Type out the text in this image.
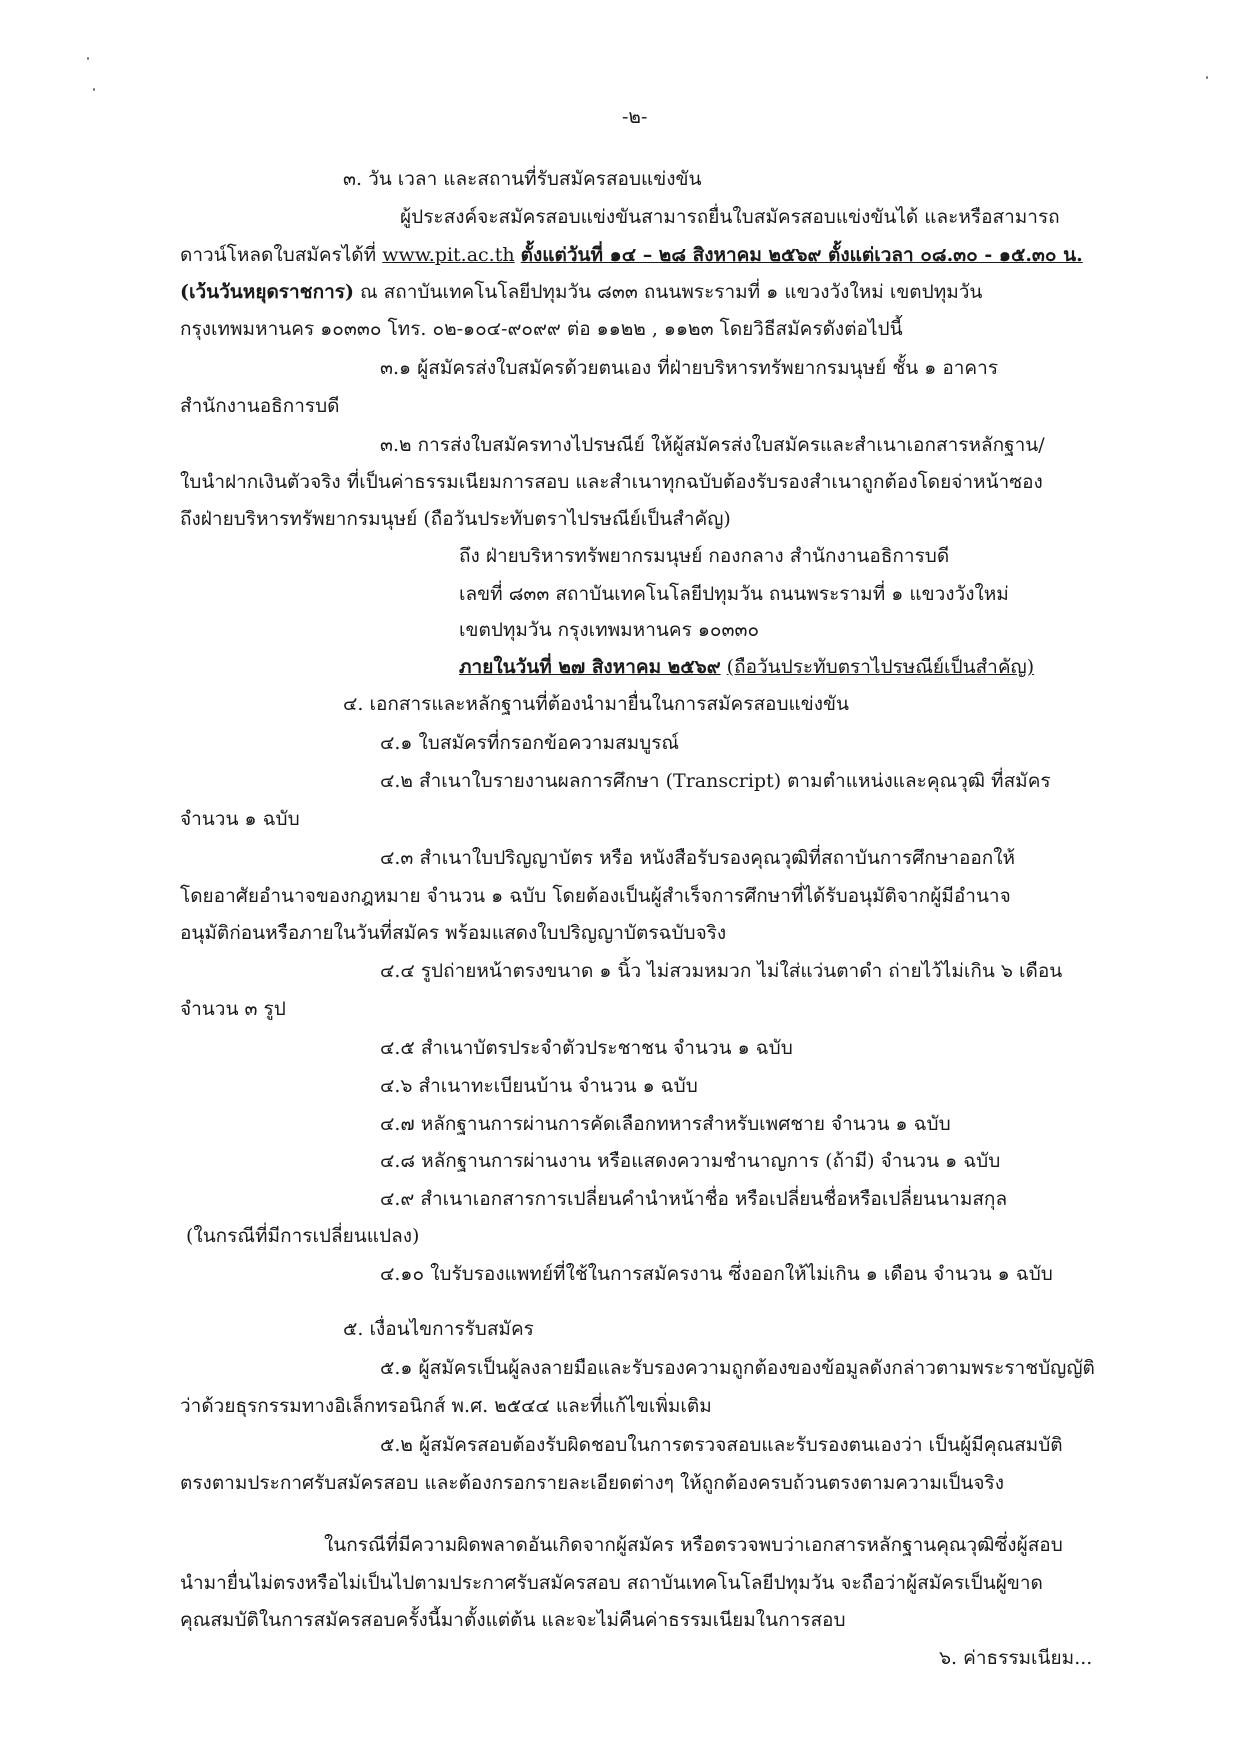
-๒-
๓. วัน เวลา และสถานที่รับสมัครสอบแข่งขัน
ผู้ประสงค์จะสมัครสอบแข่งขันสามารถยื่นใบสมัครสอบแข่งขันได้ และหรือสามารถ
ดาวน์โหลดใบสมัครได้ที่ www.pit.ac.th ตั้งแต่วันที่ ๑๔ – ๒๘ สิงหาคม ๒๕๖๙ ตั้งแต่เวลา ๐๘.๓๐ - ๑๕.๓๐ น.
(เว้นวันหยุดราชการ) ณ สถาบันเทคโนโลยีปทุมวัน ๘๓๓ ถนนพระรามที่ ๑ แขวงวังใหม่ เขตปทุมวัน
กรุงเทพมหานคร ๑๐๓๓๐ โทร. ๐๒-๑๐๔-๙๐๙๙ ต่อ ๑๑๒๒ , ๑๑๒๓ โดยวิธีสมัครดังต่อไปนี้
๓.๑ ผู้สมัครส่งใบสมัครด้วยตนเอง ที่ฝ่ายบริหารทรัพยากรมนุษย์ ชั้น ๑ อาคาร
สำนักงานอธิการบดี
๓.๒ การส่งใบสมัครทางไปรษณีย์ ให้ผู้สมัครส่งใบสมัครและสำเนาเอกสารหลักฐาน/
ใบนำฝากเงินตัวจริง ที่เป็นค่าธรรมเนียมการสอบ และสำเนาทุกฉบับต้องรับรองสำเนาถูกต้องโดยจ่าหน้าซอง
ถึงฝ่ายบริหารทรัพยากรมนุษย์ (ถือวันประทับตราไปรษณีย์เป็นสำคัญ)
ถึง ฝ่ายบริหารทรัพยากรมนุษย์ กองกลาง สำนักงานอธิการบดี
เลขที่ ๘๓๓ สถาบันเทคโนโลยีปทุมวัน ถนนพระรามที่ ๑ แขวงวังใหม่
เขตปทุมวัน กรุงเทพมหานคร ๑๐๓๓๐
ภายในวันที่ ๒๗ สิงหาคม ๒๕๖๙ (ถือวันประทับตราไปรษณีย์เป็นสำคัญ)
๔. เอกสารและหลักฐานที่ต้องนำมายื่นในการสมัครสอบแข่งขัน
๔.๑ ใบสมัครที่กรอกข้อความสมบูรณ์
๔.๒ สำเนาใบรายงานผลการศึกษา (Transcript) ตามตำแหน่งและคุณวุฒิ ที่สมัคร
จำนวน ๑ ฉบับ
๔.๓ สำเนาใบปริญญาบัตร หรือ หนังสือรับรองคุณวุฒิที่สถาบันการศึกษาออกให้
โดยอาศัยอำนาจของกฎหมาย จำนวน ๑ ฉบับ โดยต้องเป็นผู้สำเร็จการศึกษาที่ได้รับอนุมัติจากผู้มีอำนาจ
อนุมัติก่อนหรือภายในวันที่สมัคร พร้อมแสดงใบปริญญาบัตรฉบับจริง
๔.๔ รูปถ่ายหน้าตรงขนาด ๑ นิ้ว ไม่สวมหมวก ไม่ใส่แว่นตาดำ ถ่ายไว้ไม่เกิน ๖ เดือน
จำนวน ๓ รูป
๔.๕ สำเนาบัตรประจำตัวประชาชน จำนวน ๑ ฉบับ
๔.๖ สำเนาทะเบียนบ้าน จำนวน ๑ ฉบับ
๔.๗ หลักฐานการผ่านการคัดเลือกทหารสำหรับเพศชาย จำนวน ๑ ฉบับ
๔.๘ หลักฐานการผ่านงาน หรือแสดงความชำนาญการ (ถ้ามี) จำนวน ๑ ฉบับ
๔.๙ สำเนาเอกสารการเปลี่ยนคำนำหน้าชื่อ หรือเปลี่ยนชื่อหรือเปลี่ยนนามสกุล
(ในกรณีที่มีการเปลี่ยนแปลง)
๔.๑๐ ใบรับรองแพทย์ที่ใช้ในการสมัครงาน ซึ่งออกให้ไม่เกิน ๑ เดือน จำนวน ๑ ฉบับ
๕. เงื่อนไขการรับสมัคร
๕.๑ ผู้สมัครเป็นผู้ลงลายมือและรับรองความถูกต้องของข้อมูลดังกล่าวตามพระราชบัญญัติ
ว่าด้วยธุรกรรมทางอิเล็กทรอนิกส์ พ.ศ. ๒๕๔๔ และที่แก้ไขเพิ่มเติม
๕.๒ ผู้สมัครสอบต้องรับผิดชอบในการตรวจสอบและรับรองตนเองว่า เป็นผู้มีคุณสมบัติ
ตรงตามประกาศรับสมัครสอบ และต้องกรอกรายละเอียดต่างๆ ให้ถูกต้องครบถ้วนตรงตามความเป็นจริง
ในกรณีที่มีความผิดพลาดอันเกิดจากผู้สมัคร หรือตรวจพบว่าเอกสารหลักฐานคุณวุฒิซึ่งผู้สอบ
นำมายื่นไม่ตรงหรือไม่เป็นไปตามประกาศรับสมัครสอบ สถาบันเทคโนโลยีปทุมวัน จะถือว่าผู้สมัครเป็นผู้ขาด
คุณสมบัติในการสมัครสอบครั้งนี้มาตั้งแต่ต้น และจะไม่คืนค่าธรรมเนียมในการสอบ
๖. ค่าธรรมเนียม...
